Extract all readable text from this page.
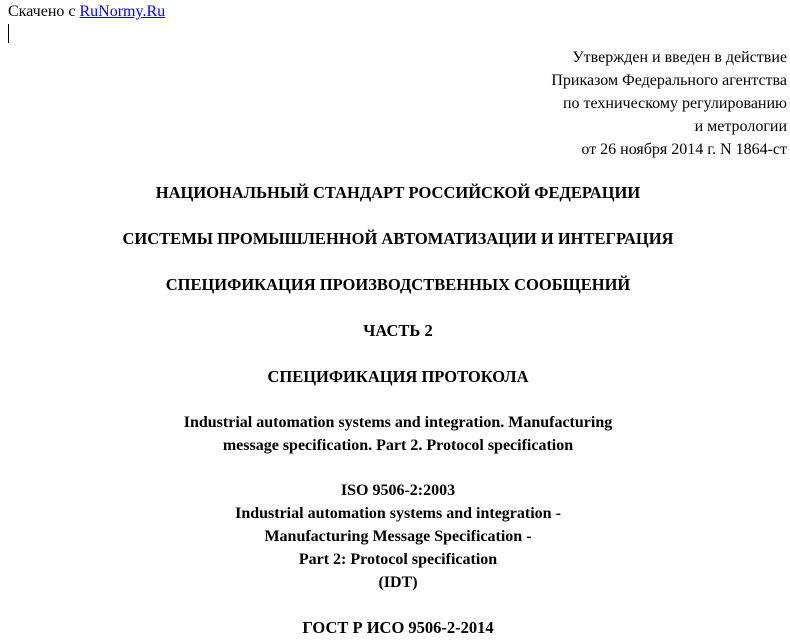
Скачено с RuNormy.Ru
Утвержден и введен в действие
Приказом Федерального агентства
по техническому регулированию
и метрологии
от 26 ноября 2014 г. N 1864-ст
НАЦИОНАЛЬНЫЙ СТАНДАРТ РОССИЙСКОЙ ФЕДЕРАЦИИ
СИСТЕМЫ ПРОМЫШЛЕННОЙ АВТОМАТИЗАЦИИ И ИНТЕГРАЦИЯ
СПЕЦИФИКАЦИЯ ПРОИЗВОДСТВЕННЫХ СООБЩЕНИЙ
ЧАСТЬ 2
СПЕЦИФИКАЦИЯ ПРОТОКОЛА
Industrial automation systems and integration. Manufacturing
message specification. Part 2. Protocol specification
ISO 9506-2:2003
Industrial automation systems and integration -
Manufacturing Message Specification -
Part 2: Protocol specification
(IDT)
ГОСТ Р ИСО 9506-2-2014
